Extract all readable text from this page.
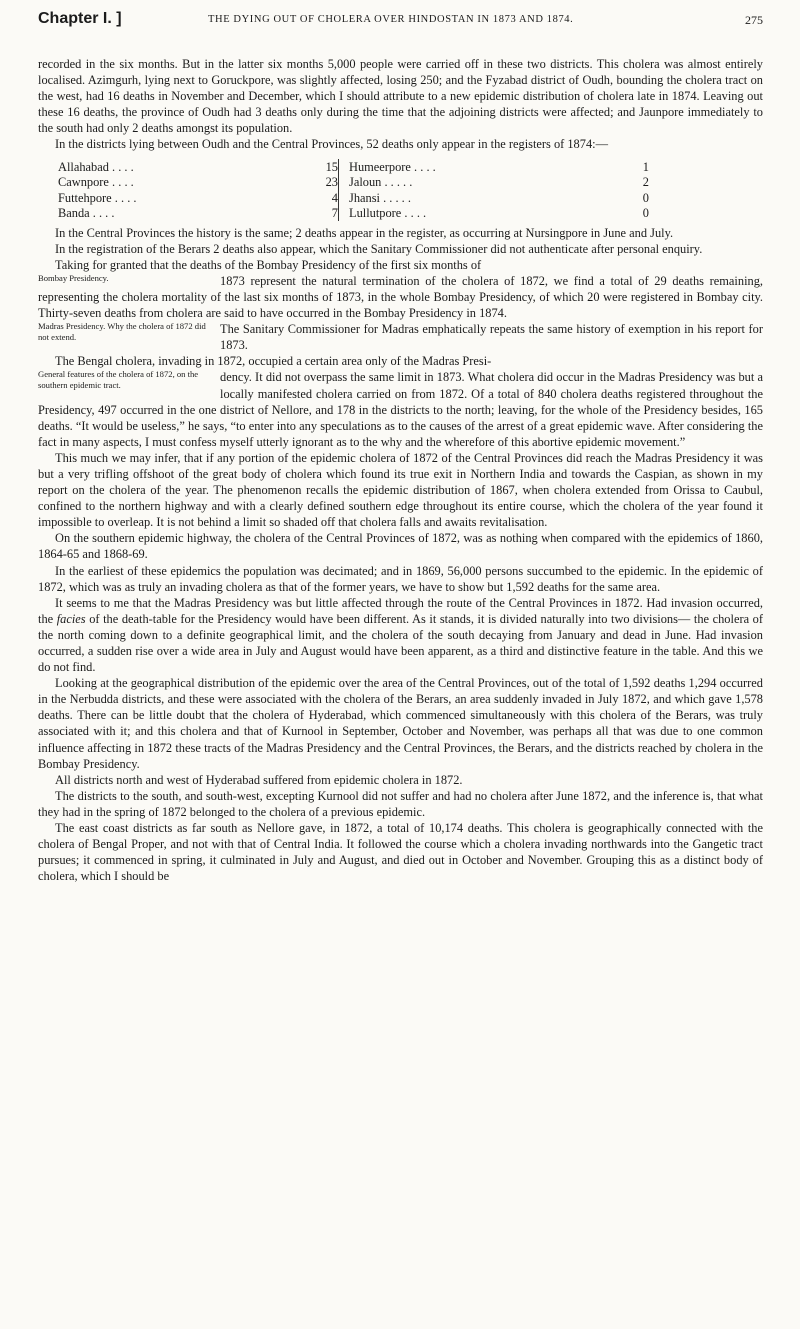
Chapter I. ]	THE DYING OUT OF CHOLERA OVER HINDOSTAN IN 1873 AND 1874.	275

recorded in the six months. But in the latter six months 5,000 people were carried off in these two districts. This cholera was almost entirely localised. Azimgurh, lying next to Goruckpore, was slightly affected, losing 250; and the Fyzabad district of Oudh, bounding the cholera tract on the west, had 16 deaths in November and December, which I should attribute to a new epidemic distribution of cholera late in 1874. Leaving out these 16 deaths, the province of Oudh had 3 deaths only during the time that the adjoining districts were affected; and Jaunpore immediately to the south had only 2 deaths amongst its population.

In the districts lying between Oudh and the Central Provinces, 52 deaths only appear in the registers of 1874:—

Allahabad . . . .	15
Cawnpore . . . .	23
Futtehpore . . . .	4
Banda . . . .	7
Humeerpore . . . .	1
Jaloun . . . . .	2
Jhansi . . . . .	0
Lullutpore . . . .	0

In the Central Provinces the history is the same; 2 deaths appear in the register, as occurring at Nursingpore in June and July.

In the registration of the Berars 2 deaths also appear, which the Sanitary Commissioner did not authenticate after personal enquiry.

Taking for granted that the deaths of the Bombay Presidency of the first six months of

Bombay Presidency.	1873 represent the natural termination of the cholera of 1872, we find a total of 29 deaths remaining, representing the cholera mortality of the last six months of 1873, in the whole Bombay Presidency, of which 20 were registered in Bombay city. Thirty-seven deaths from cholera are said to have occurred in the Bombay Presidency in 1874.

Madras Presidency. Why the cholera of 1872 did not extend.

The Sanitary Commissioner for Madras emphatically repeats the same history of exemption in his report for 1873.

The Bengal cholera, invading in 1872, occupied a certain area only of the Madras Presi-

General features of the cholera of 1872, on the southern epidemic tract.

dency. It did not overpass the same limit in 1873. What cholera did occur in the Madras Presidency was but a locally manifested cholera carried on from 1872. Of a total of 840 cholera deaths registered throughout the Presidency, 497 occurred in the one district of Nellore, and 178 in the districts to the north; leaving, for the whole of the Presidency besides, 165 deaths. “It would be useless,” he says, “to enter into any speculations as to the causes of the arrest of a great epidemic wave. After considering the fact in many aspects, I must confess myself utterly ignorant as to the why and the wherefore of this abortive epidemic movement.”

This much we may infer, that if any portion of the epidemic cholera of 1872 of the Central Provinces did reach the Madras Presidency it was but a very trifling offshoot of the great body of cholera which found its true exit in Northern India and towards the Caspian, as shown in my report on the cholera of the year. The phenomenon recalls the epidemic distribution of 1867, when cholera extended from Orissa to Caubul, confined to the northern highway and with a clearly defined southern edge throughout its entire course, which the cholera of the year found it impossible to overleap. It is not behind a limit so shaded off that cholera falls and awaits revitalisation.

On the southern epidemic highway, the cholera of the Central Provinces of 1872, was as nothing when compared with the epidemics of 1860, 1864-65 and 1868-69.

In the earliest of these epidemics the population was decimated; and in 1869, 56,000 persons succumbed to the epidemic. In the epidemic of 1872, which was as truly an invading cholera as that of the former years, we have to show but 1,592 deaths for the same area.

It seems to me that the Madras Presidency was but little affected through the route of the Central Provinces in 1872. Had invasion occurred, the facies of the death-table for the Presidency would have been different. As it stands, it is divided naturally into two divisions— the cholera of the north coming down to a definite geographical limit, and the cholera of the south decaying from January and dead in June. Had invasion occurred, a sudden rise over a wide area in July and August would have been apparent, as a third and distinctive feature in the table. And this we do not find.

Looking at the geographical distribution of the epidemic over the area of the Central Provinces, out of the total of 1,592 deaths 1,294 occurred in the Nerbudda districts, and these were associated with the cholera of the Berars, an area suddenly invaded in July 1872, and which gave 1,578 deaths. There can be little doubt that the cholera of Hyderabad, which commenced simultaneously with this cholera of the Berars, was truly associated with it; and this cholera and that of Kurnool in September, October and November, was perhaps all that was due to one common influence affecting in 1872 these tracts of the Madras Presidency and the Central Provinces, the Berars, and the districts reached by cholera in the Bombay Presidency.

All districts north and west of Hyderabad suffered from epidemic cholera in 1872.

The districts to the south, and south-west, excepting Kurnool did not suffer and had no cholera after June 1872, and the inference is, that what they had in the spring of 1872 belonged to the cholera of a previous epidemic.

The east coast districts as far south as Nellore gave, in 1872, a total of 10,174 deaths. This cholera is geographically connected with the cholera of Bengal Proper, and not with that of Central India. It followed the course which a cholera invading northwards into the Gangetic tract pursues; it commenced in spring, it culminated in July and August, and died out in October and November. Grouping this as a distinct body of cholera, which I should be
